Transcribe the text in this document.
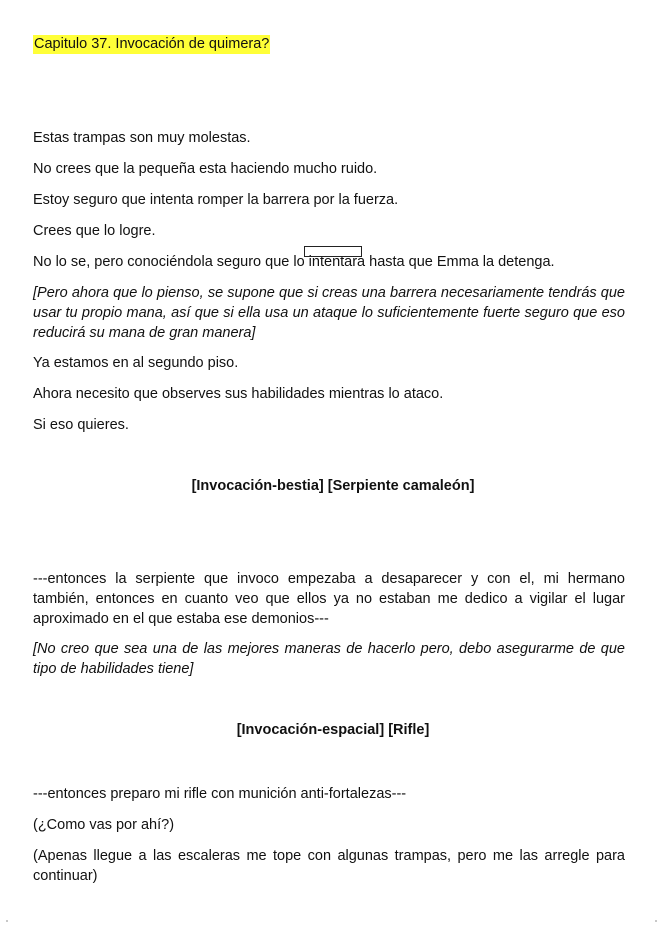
Capitulo 37. Invocación de quimera?
Estas trampas son muy molestas.
No crees que la pequeña esta haciendo mucho ruido.
Estoy seguro que intenta romper la barrera por la fuerza.
Crees que lo logre.
No lo se, pero conociéndola seguro que lo intentara hasta que Emma la detenga.
[Pero ahora que lo pienso, se supone que si creas una barrera necesariamente tendrás que usar tu propio mana, así que si ella usa un ataque lo suficientemente fuerte seguro que eso reducirá su mana de gran manera]
Ya estamos en al segundo piso.
Ahora necesito que observes sus habilidades mientras lo ataco.
Si eso quieres.
[Invocación-bestia] [Serpiente camaleón]
---entonces la serpiente que invoco empezaba a desaparecer y con el, mi hermano también, entonces en cuanto veo que ellos ya no estaban me dedico a vigilar el lugar aproximado en el que estaba ese demonios---
[No creo que sea una de las mejores maneras de hacerlo pero, debo asegurarme de que tipo de habilidades tiene]
[Invocación-espacial] [Rifle]
---entonces preparo mi rifle con munición anti-fortalezas---
(¿Como vas por ahí?)
(Apenas llegue a las escaleras me tope con algunas trampas, pero me las arregle para continuar)
